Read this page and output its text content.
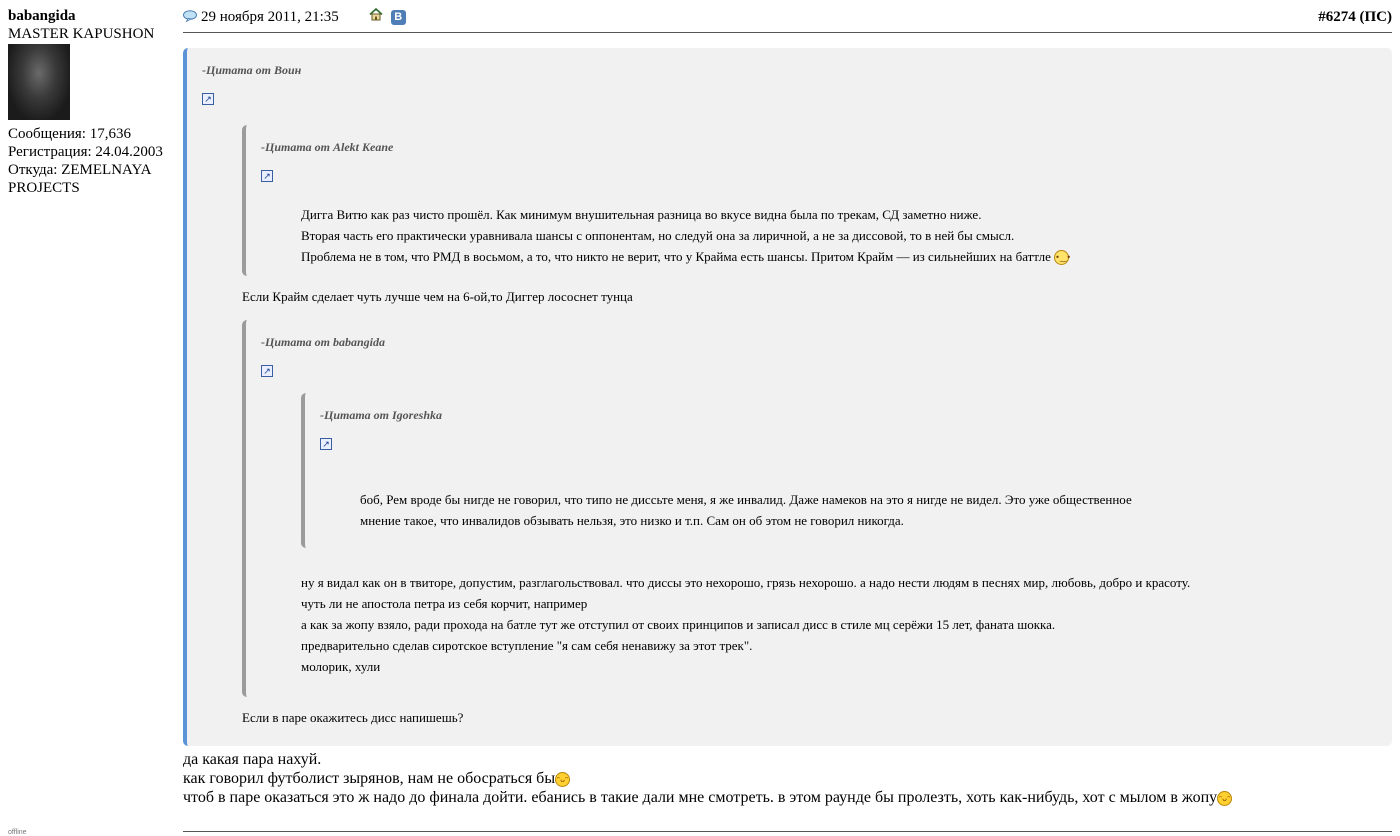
babangida
MASTER KAPUSHON
Сообщения: 17,636
Регистрация: 24.04.2003
Откуда: ZEMELNAYA PROJECTS
offline
29 ноября 2011, 21:35	В	#6274 (ПС)
-Цитата от Воин
↗
-Цитата от Alekt Keane
↗
Дигга Витю как раз чисто прошёл. Как минимум внушительная разница во вкусе видна была по трекам, СД заметно ниже.
Вторая часть его практически уравнивала шансы с оппонентам, но следуй она за лиричной, а не за диссовой, то в ней бы смысл.
Проблема не в том, что РМД в восьмом, а то, что никто не верит, что у Крайма есть шансы. Притом Крайм — из сильнейших на баттле •‿•
Если Крайм сделает чуть лучше чем на 6-ой,то Диггер лососнет тунца
-Цитата от babangida
↗
-Цитата от Igoreshka
↗
боб, Рем вроде бы нигде не говорил, что типо не диссьте меня, я же инвалид. Даже намеков на это я нигде не видел. Это уже общественное
мнение такое, что инвалидов обзывать нельзя, это низко и т.п. Сам он об этом не говорил никогда.
ну я видал как он в твиторе, допустим, разглагольствовал. что диссы это нехорошо, грязь нехорошо. а надо нести людям в песнях мир, любовь, добро и красоту.
чуть ли не апостола петра из себя корчит, например
а как за жопу взяло, ради прохода на батле тут же отступил от своих принципов и записал дисс в стиле мц серёжи 15 лет, фаната шокка.
предварительно сделав сиротское вступление "я сам себя ненавижу за этот трек".
молорик, хули
Если в паре окажитесь дисс напишешь?
да какая пара нахуй.
как говорил футболист зырянов, нам не обосраться бы ᵔᴗᵔ
чтоб в паре оказаться это ж надо до финала дойти. ебанись в такие дали мне смотреть. в этом раунде бы пролезть, хоть как-нибудь, хот с мылом в жопу ᵔᴗᵔ
